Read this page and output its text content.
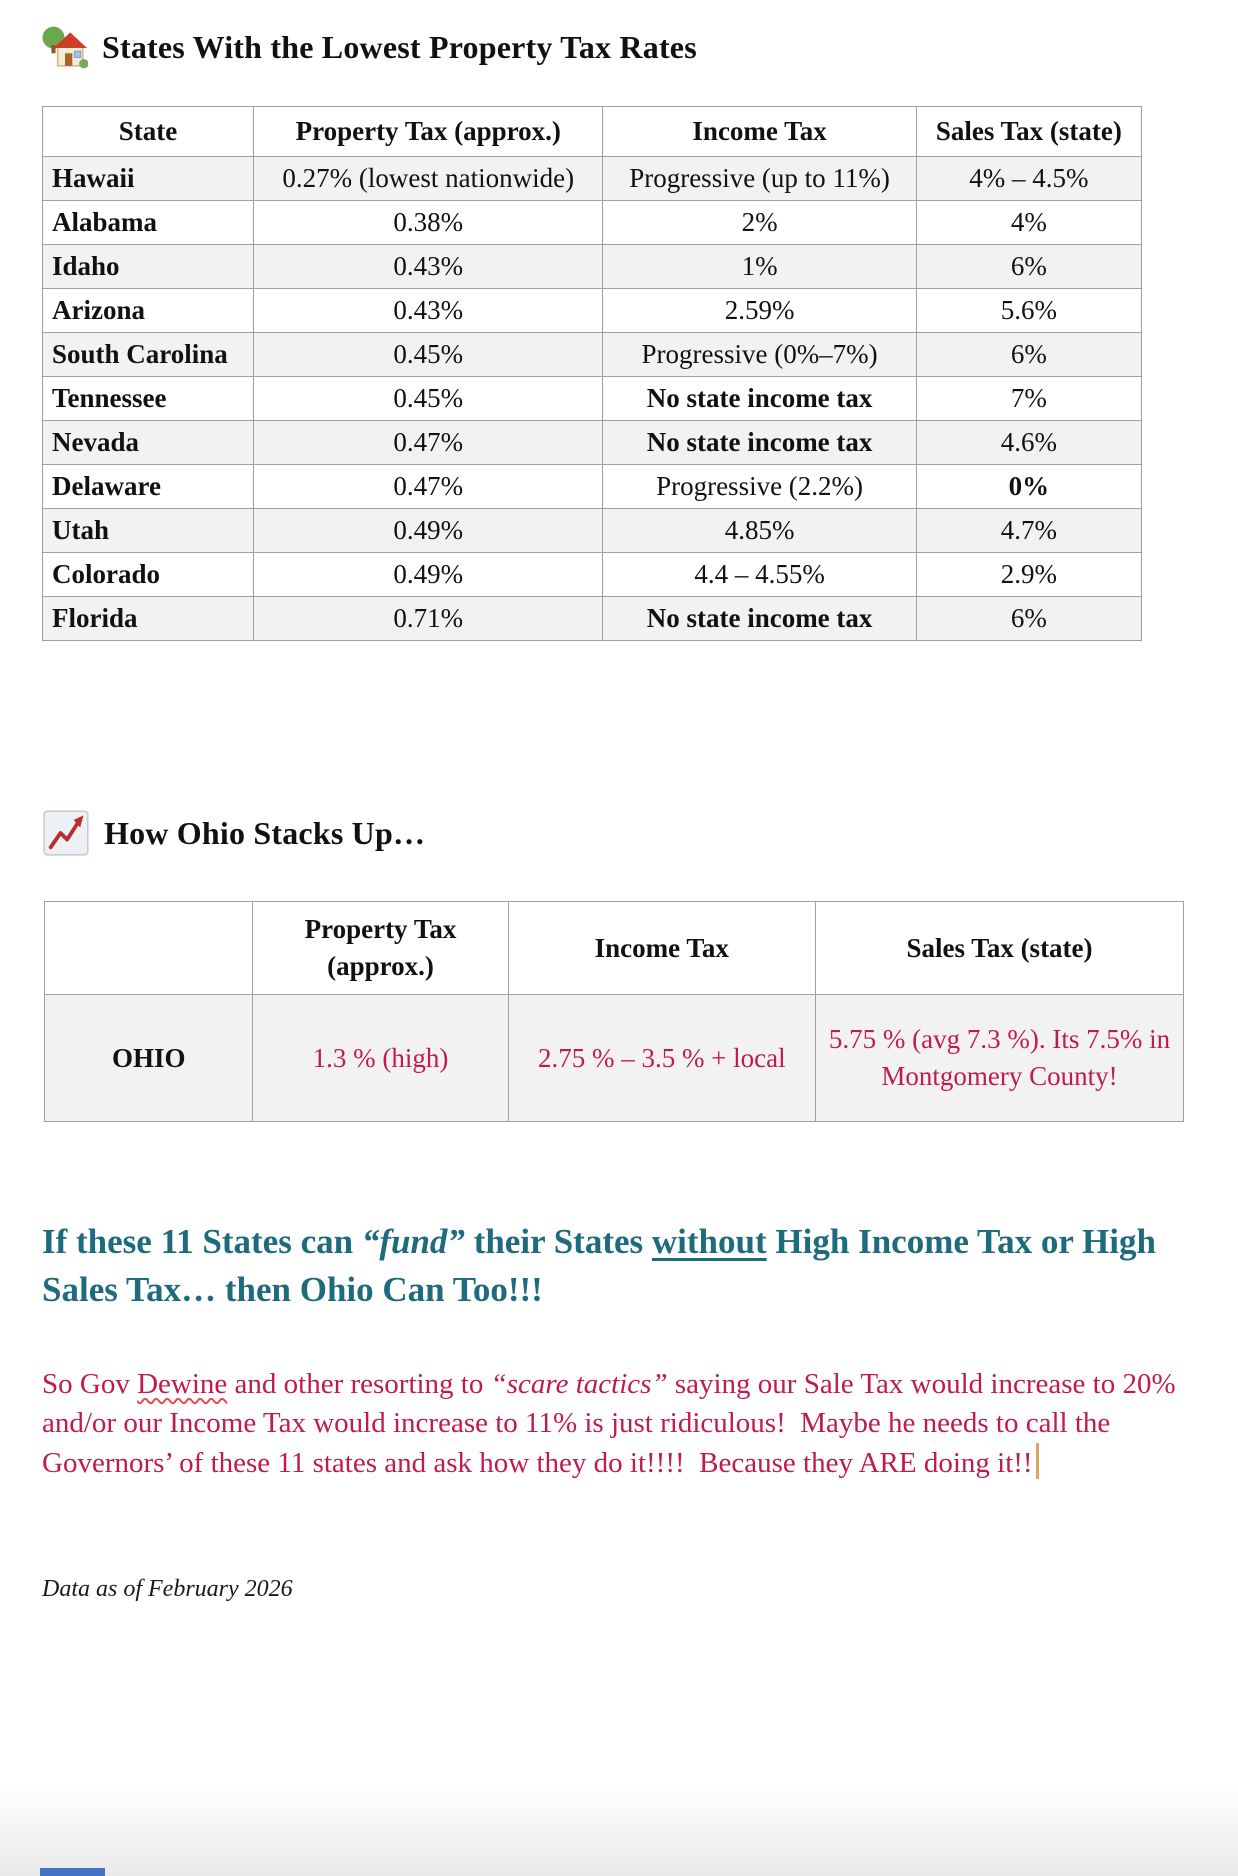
States With the Lowest Property Tax Rates
State	Property Tax (approx.)	Income Tax	Sales Tax (state)
Hawaii	0.27% (lowest nationwide)	Progressive (up to 11%)	4% – 4.5%
Alabama	0.38%	2%	4%
Idaho	0.43%	1%	6%
Arizona	0.43%	2.59%	5.6%
South Carolina	0.45%	Progressive (0%–7%)	6%
Tennessee	0.45%	No state income tax	7%
Nevada	0.47%	No state income tax	4.6%
Delaware	0.47%	Progressive (2.2%)	0%
Utah	0.49%	4.85%	4.7%
Colorado	0.49%	4.4 – 4.55%	2.9%
Florida	0.71%	No state income tax	6%
How Ohio Stacks Up…
	Property Tax (approx.)	Income Tax	Sales Tax (state)
OHIO	1.3 % (high)	2.75 % – 3.5 % + local	5.75 % (avg 7.3 %). Its 7.5% in Montgomery County!

If these 11 States can “fund” their States without High Income Tax or High Sales Tax… then Ohio Can Too!!!

So Gov Dewine and other resorting to “scare tactics” saying our Sale Tax would increase to 20% and/or our Income Tax would increase to 11% is just ridiculous!  Maybe he needs to call the Governors’ of these 11 states and ask how they do it!!!!  Because they ARE doing it!!

Data as of February 2026
